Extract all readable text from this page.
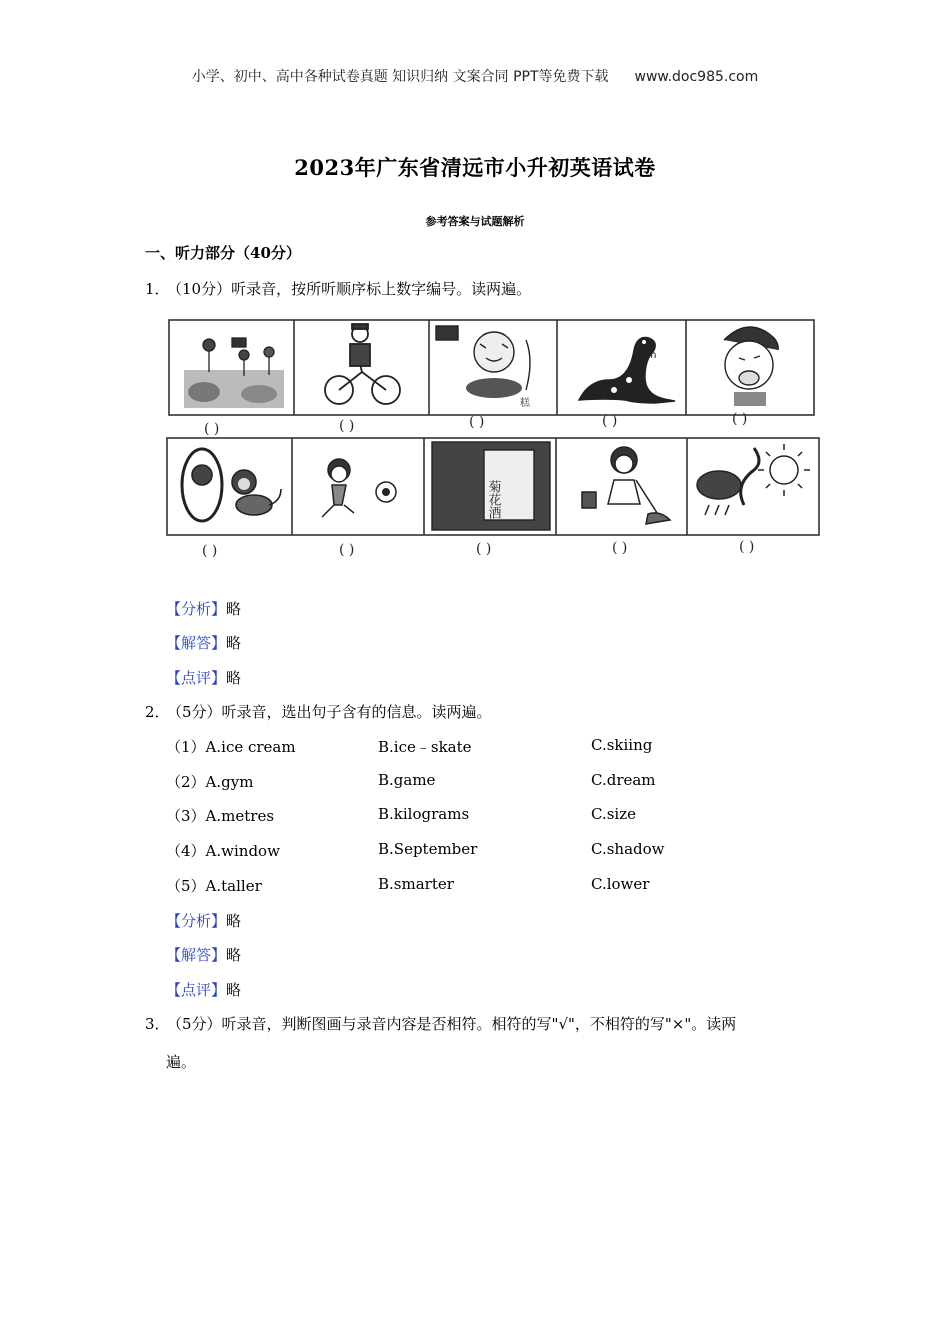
小学、初中、高中各种试卷真题 知识归纳 文案合同 PPT等免费下载 www.doc985.com
2023年广东省清远市小升初英语试卷
参考答案与试题解析
一、听力部分（40分）
1．（10分）听录音，按所听顺序标上数字编号。读两遍。
糕
15m
( )	( )	( )	( )	( )
菊花酒
( )	( )	( )	( )	( )
【分析】略
【解答】略
【点评】略
2．（5分）听录音，选出句子含有的信息。读两遍。
（1）A.ice cream	B.ice﹣skate	C.skiing
（2）A.gym	B.game	C.dream
（3）A.metres	B.kilograms	C.size
（4）A.window	B.September	C.shadow
（5）A.taller	B.smarter	C.lower
【分析】略
【解答】略
【点评】略
3．（5分）听录音，判断图画与录音内容是否相符。相符的写"√"，不相符的写"×"。读两
遍。
